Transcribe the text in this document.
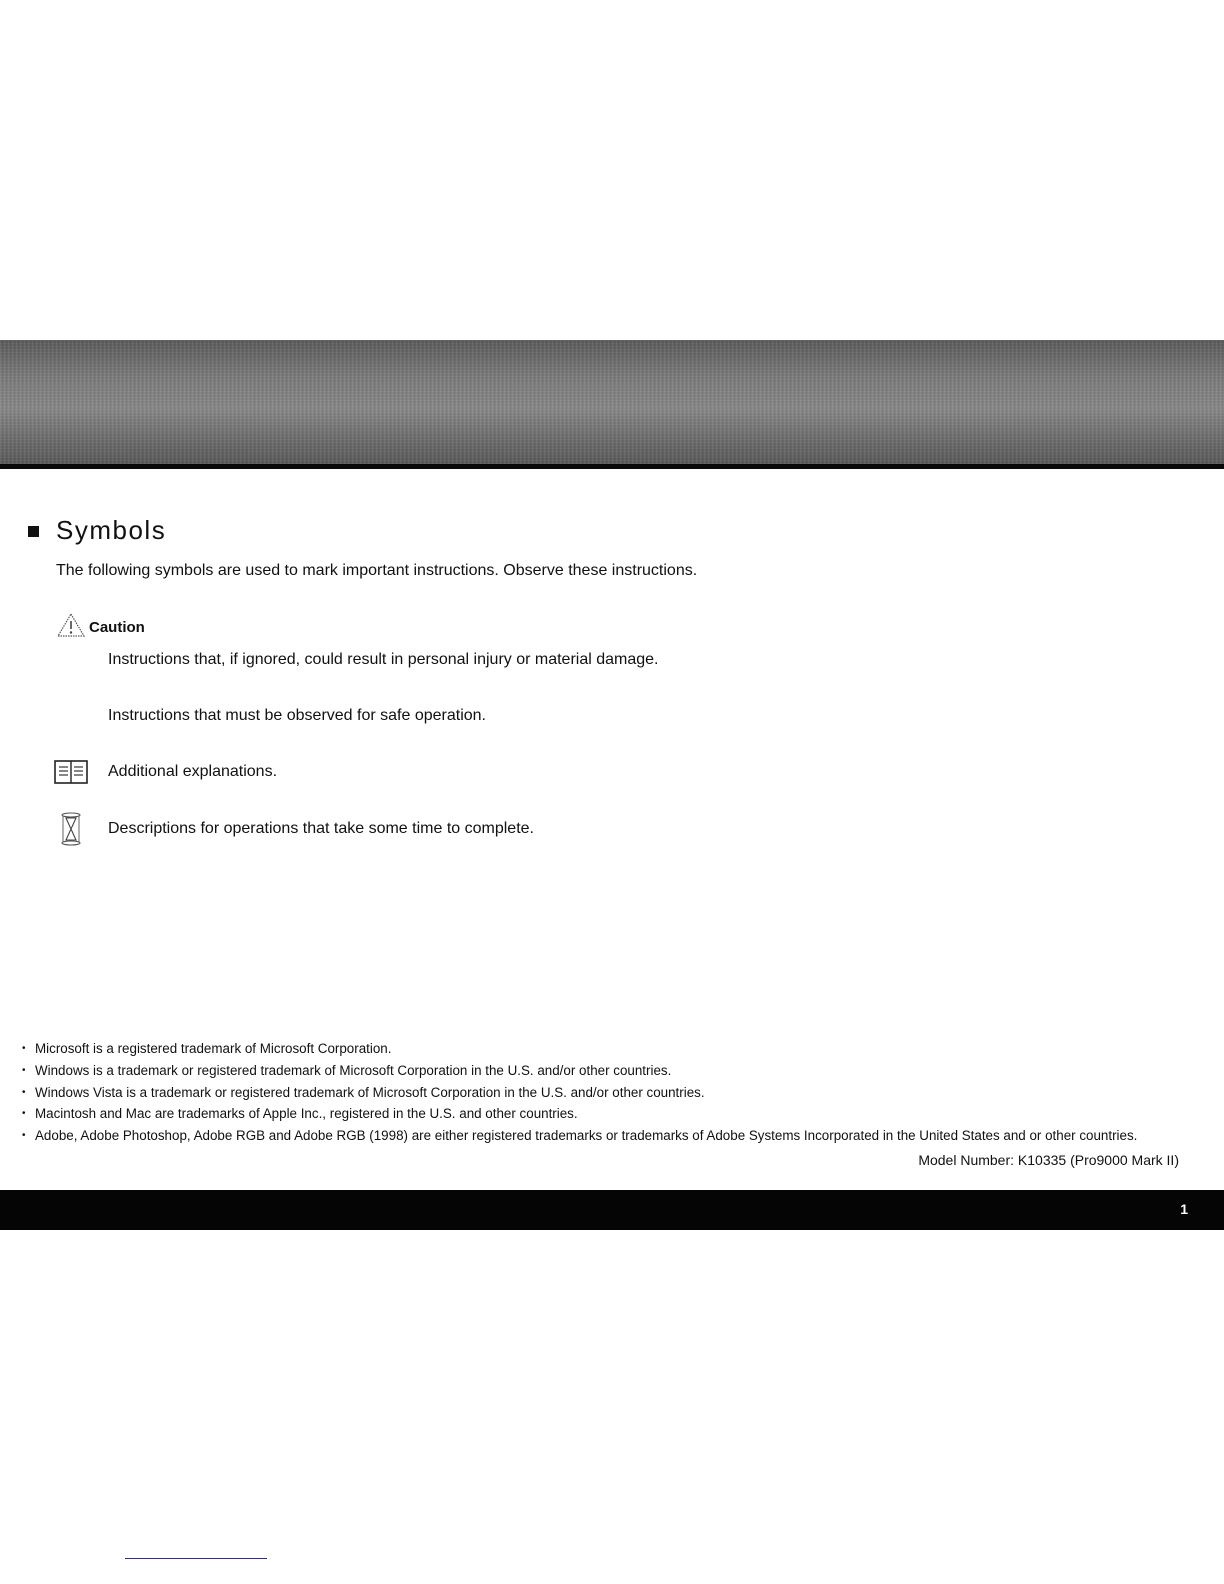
Symbols
The following symbols are used to mark important instructions. Observe these instructions.
Caution
Instructions that, if ignored, could result in personal injury or material damage.
Instructions that must be observed for safe operation.
Additional explanations.
Descriptions for operations that take some time to complete.
• Microsoft is a registered trademark of Microsoft Corporation.
• Windows is a trademark or registered trademark of Microsoft Corporation in the U.S. and/or other countries.
• Windows Vista is a trademark or registered trademark of Microsoft Corporation in the U.S. and/or other countries.
• Macintosh and Mac are trademarks of Apple Inc., registered in the U.S. and other countries.
• Adobe, Adobe Photoshop, Adobe RGB and Adobe RGB (1998) are either registered trademarks or trademarks of Adobe Systems Incorporated in the United States and or other countries.
Model Number: K10335 (Pro9000 Mark II)
1
